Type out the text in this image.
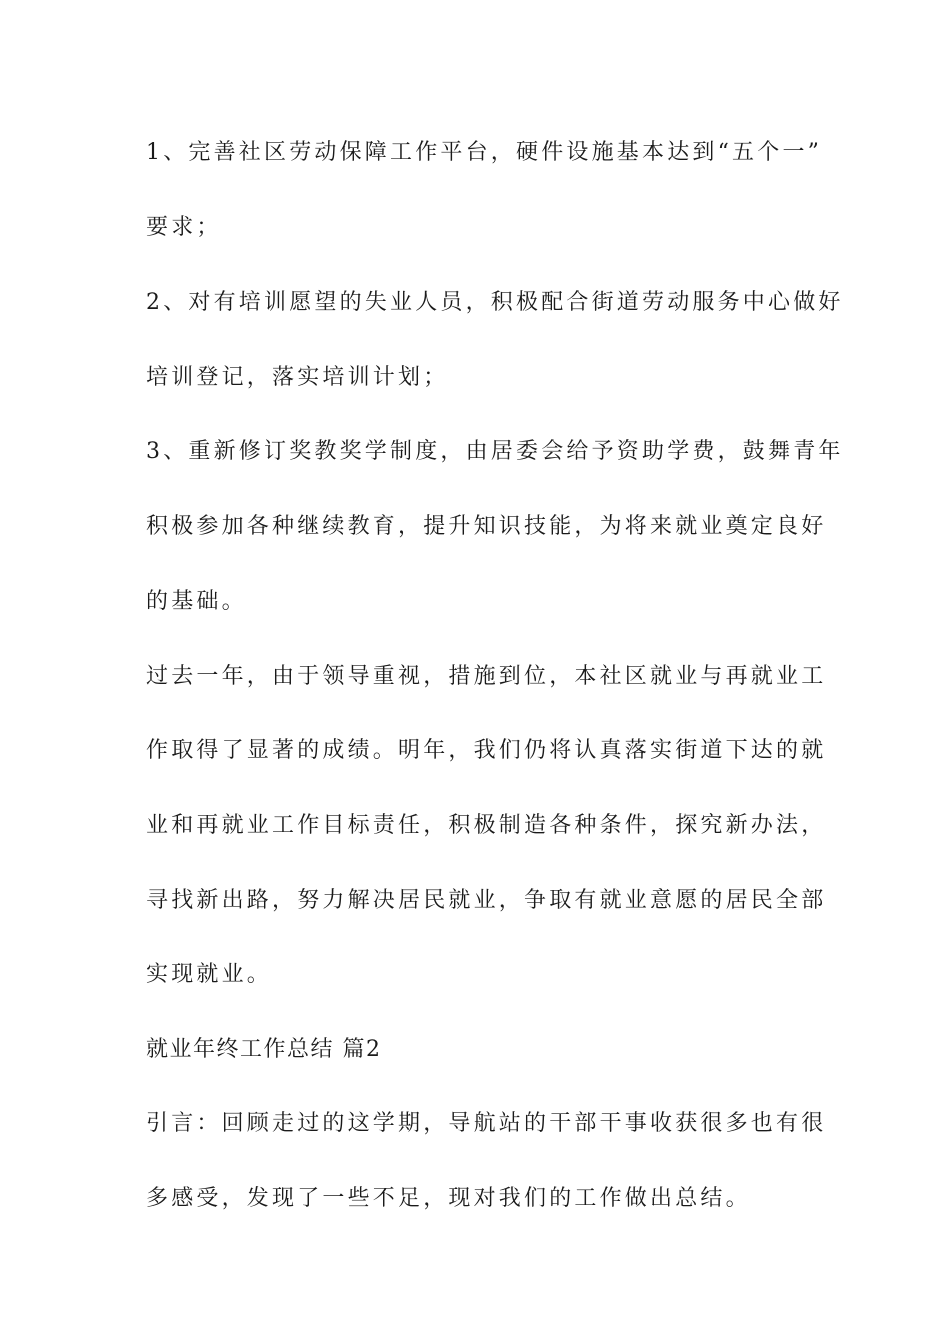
1、完善社区劳动保障工作平台，硬件设施基本达到“五个一”
要求；
2、对有培训愿望的失业人员，积极配合街道劳动服务中心做好
培训登记，落实培训计划；
3、重新修订奖教奖学制度，由居委会给予资助学费，鼓舞青年
积极参加各种继续教育，提升知识技能，为将来就业奠定良好
的基础。
过去一年，由于领导重视，措施到位，本社区就业与再就业工
作取得了显著的成绩。明年，我们仍将认真落实街道下达的就
业和再就业工作目标责任，积极制造各种条件，探究新办法，
寻找新出路，努力解决居民就业，争取有就业意愿的居民全部
实现就业。
就业年终工作总结 篇2
引言：回顾走过的这学期，导航站的干部干事收获很多也有很
多感受，发现了一些不足，现对我们的工作做出总结。
